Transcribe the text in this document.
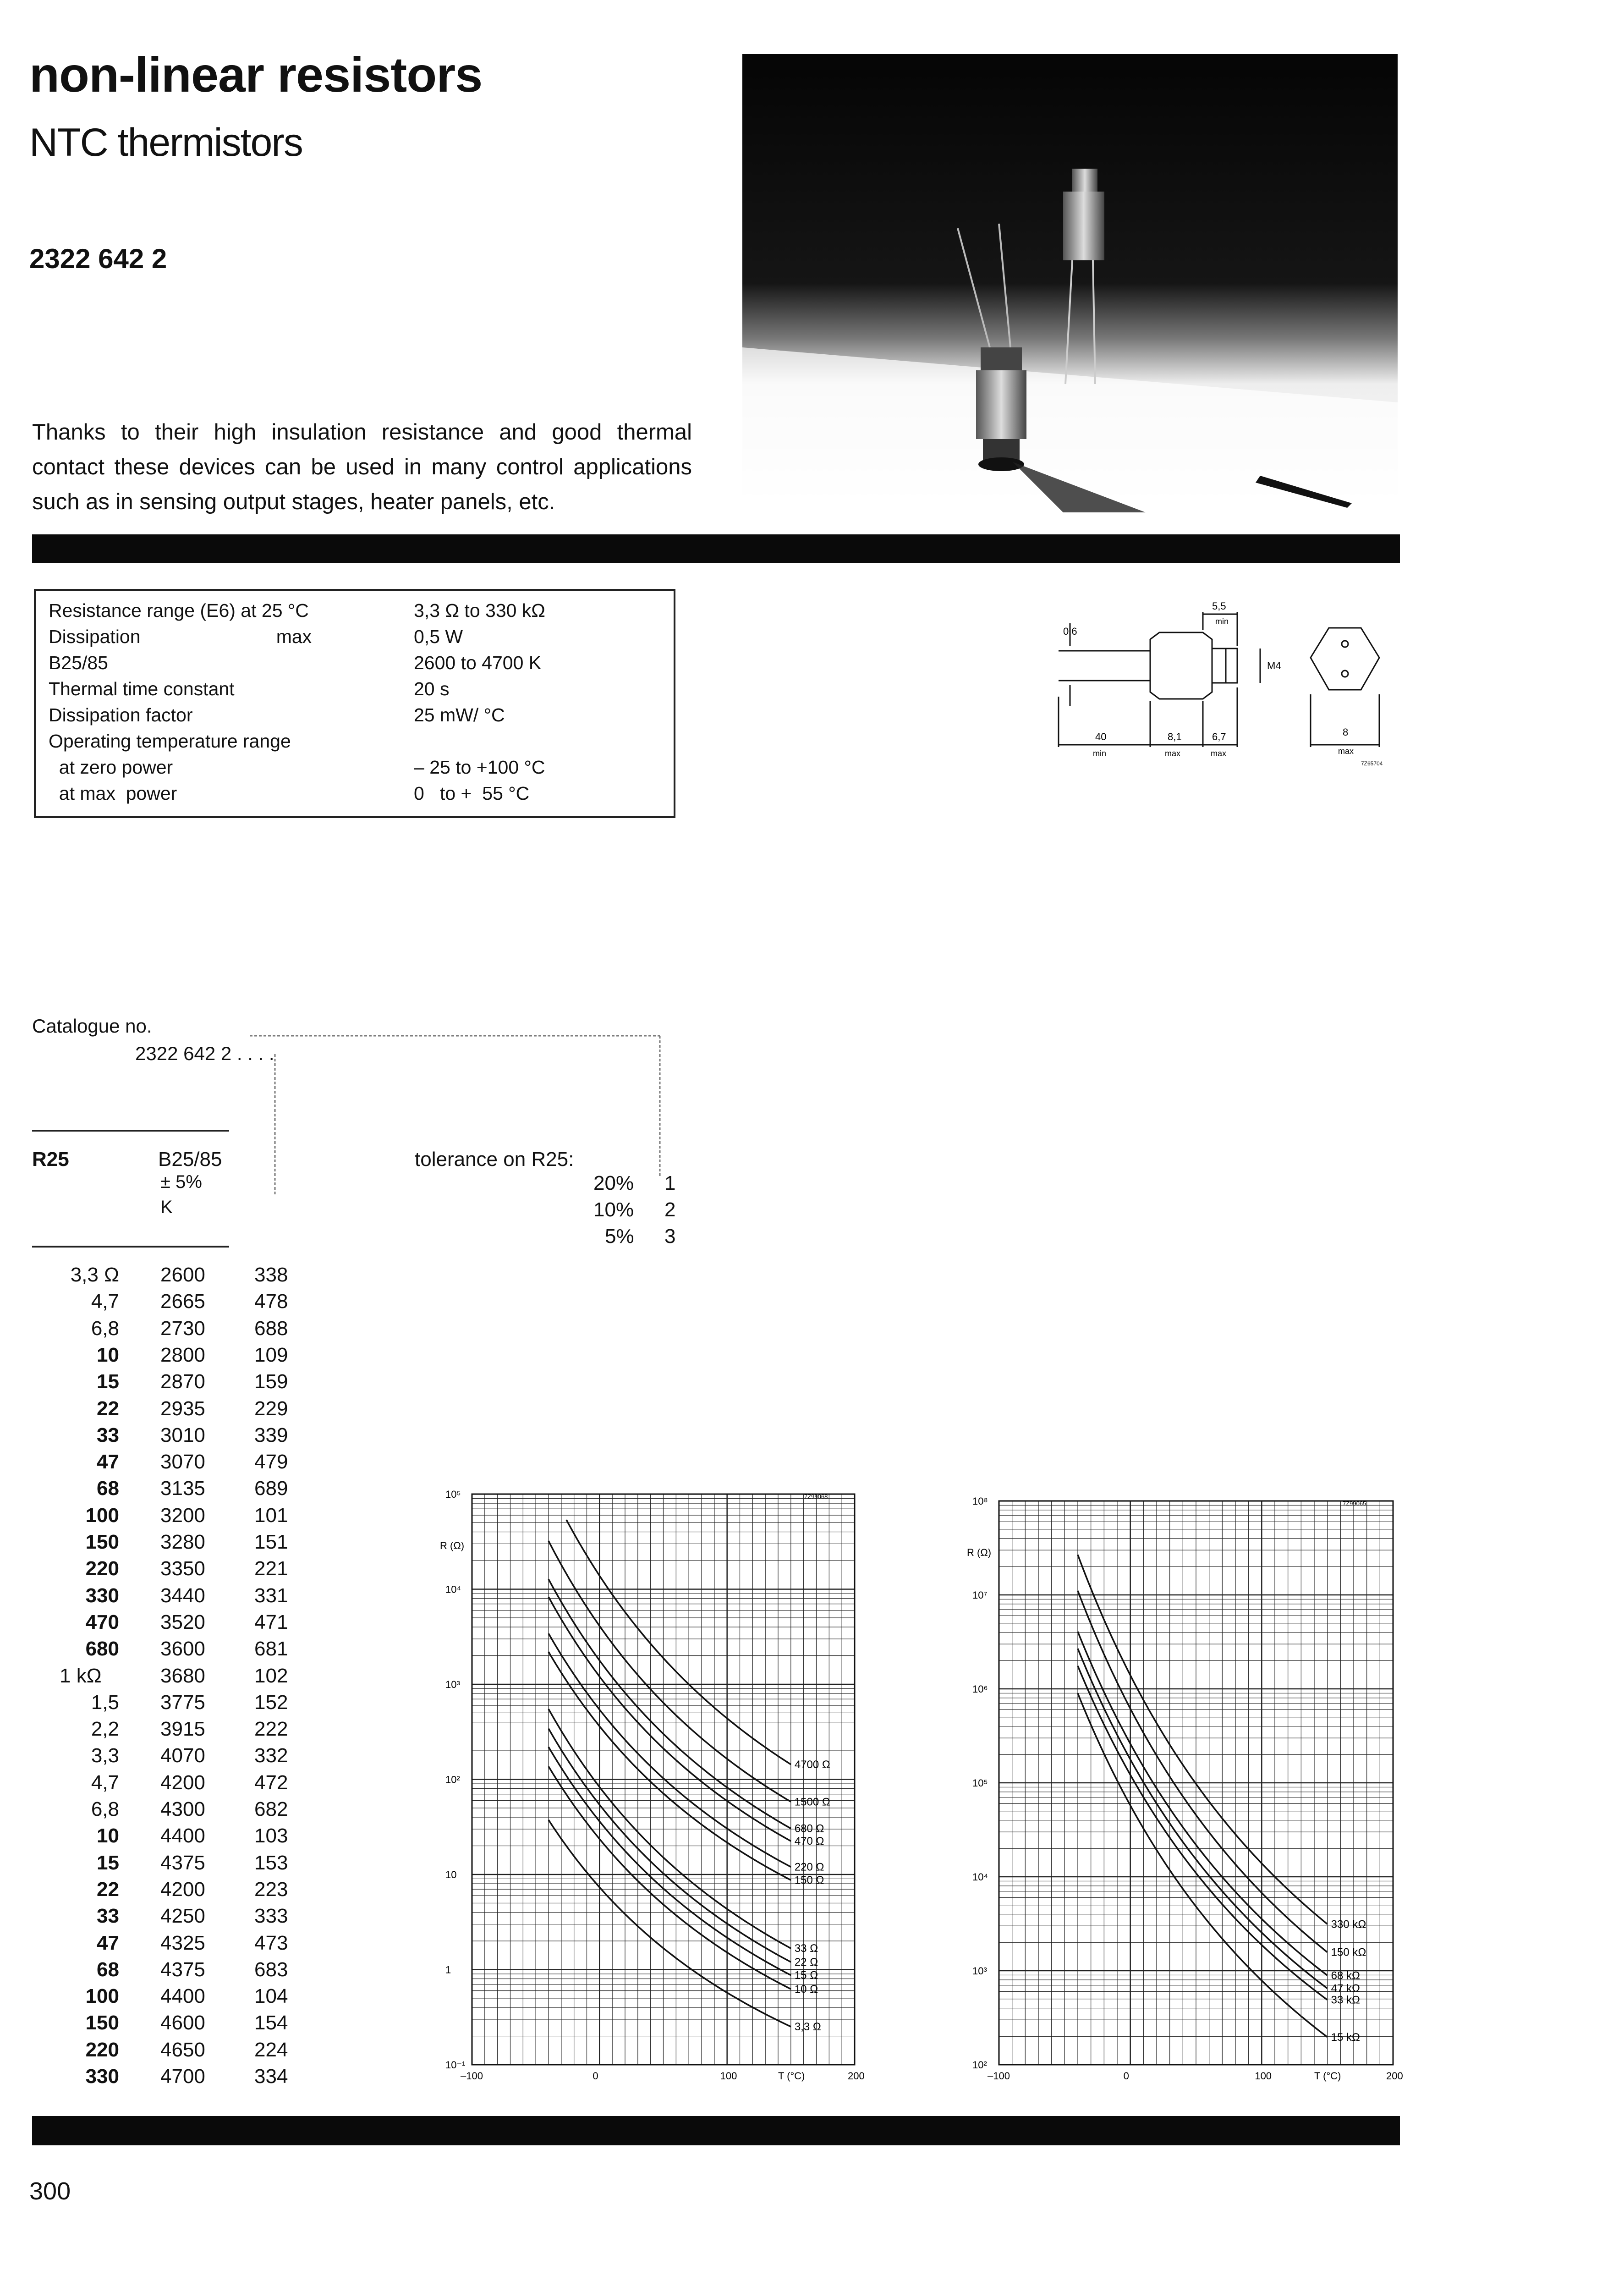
non-linear resistors
NTC thermistors
2322 642 2
Thanks to their high insulation resistance and good thermal contact these devices can be used in many control applications such as in sensing output stages, heater panels, etc.
Resistance range (E6) at 25 °C	3,3 Ω to 330 kΩ
Dissipation                          max	0,5 W
B25/85	2600 to 4700 K
Thermal time constant	20 s
Dissipation factor	25 mW/ °C
Operating temperature range
at zero power	– 25 to +100 °C
at max  power	0   to +  55 °C
0.6
5,5
min
M4
40
min
8,1
max
6,7
max
8
max
7Z65704
Catalogue no.
2322 642 2 . . . .
R25	B25/85
± 5%
K
tolerance on R25:
20% 1
10% 2
5% 3
3,3 Ω 2600 338
4,7 2665 478
6,8 2730 688
10 2800 109
15 2870 159
22 2935 229
33 3010 339
47 3070 479
68 3135 689
100 3200 101
150 3280 151
220 3350 221
330 3440 331
470 3520 471
680 3600 681
1 kΩ	3680 102
1,5 3775 152
2,2 3915 222
3,3 4070 332
4,7 4200 472
6,8 4300 682
10 4400 103
15 4375 153
22 4200 223
33 4250 333
47 4325 473
68 4375 683
100 4400 104
150 4600 154
220 4650 224
330 4700 334
10⁻¹
1
10
10²
10³
10⁴
10⁵
–100	0	100	200
R (Ω)
T (°C)
7Z99068
4700 Ω
1500 Ω
680 Ω
470 Ω
220 Ω
150 Ω
33 Ω
22 Ω
15 Ω
10 Ω
3,3 Ω
10²
10³
10⁴
10⁵
10⁶
10⁷
10⁸
–100	0	100	200
R (Ω)
T (°C)
7Z99065
330 kΩ
150 kΩ
68 kΩ
47 kΩ
33 kΩ
15 kΩ
300
